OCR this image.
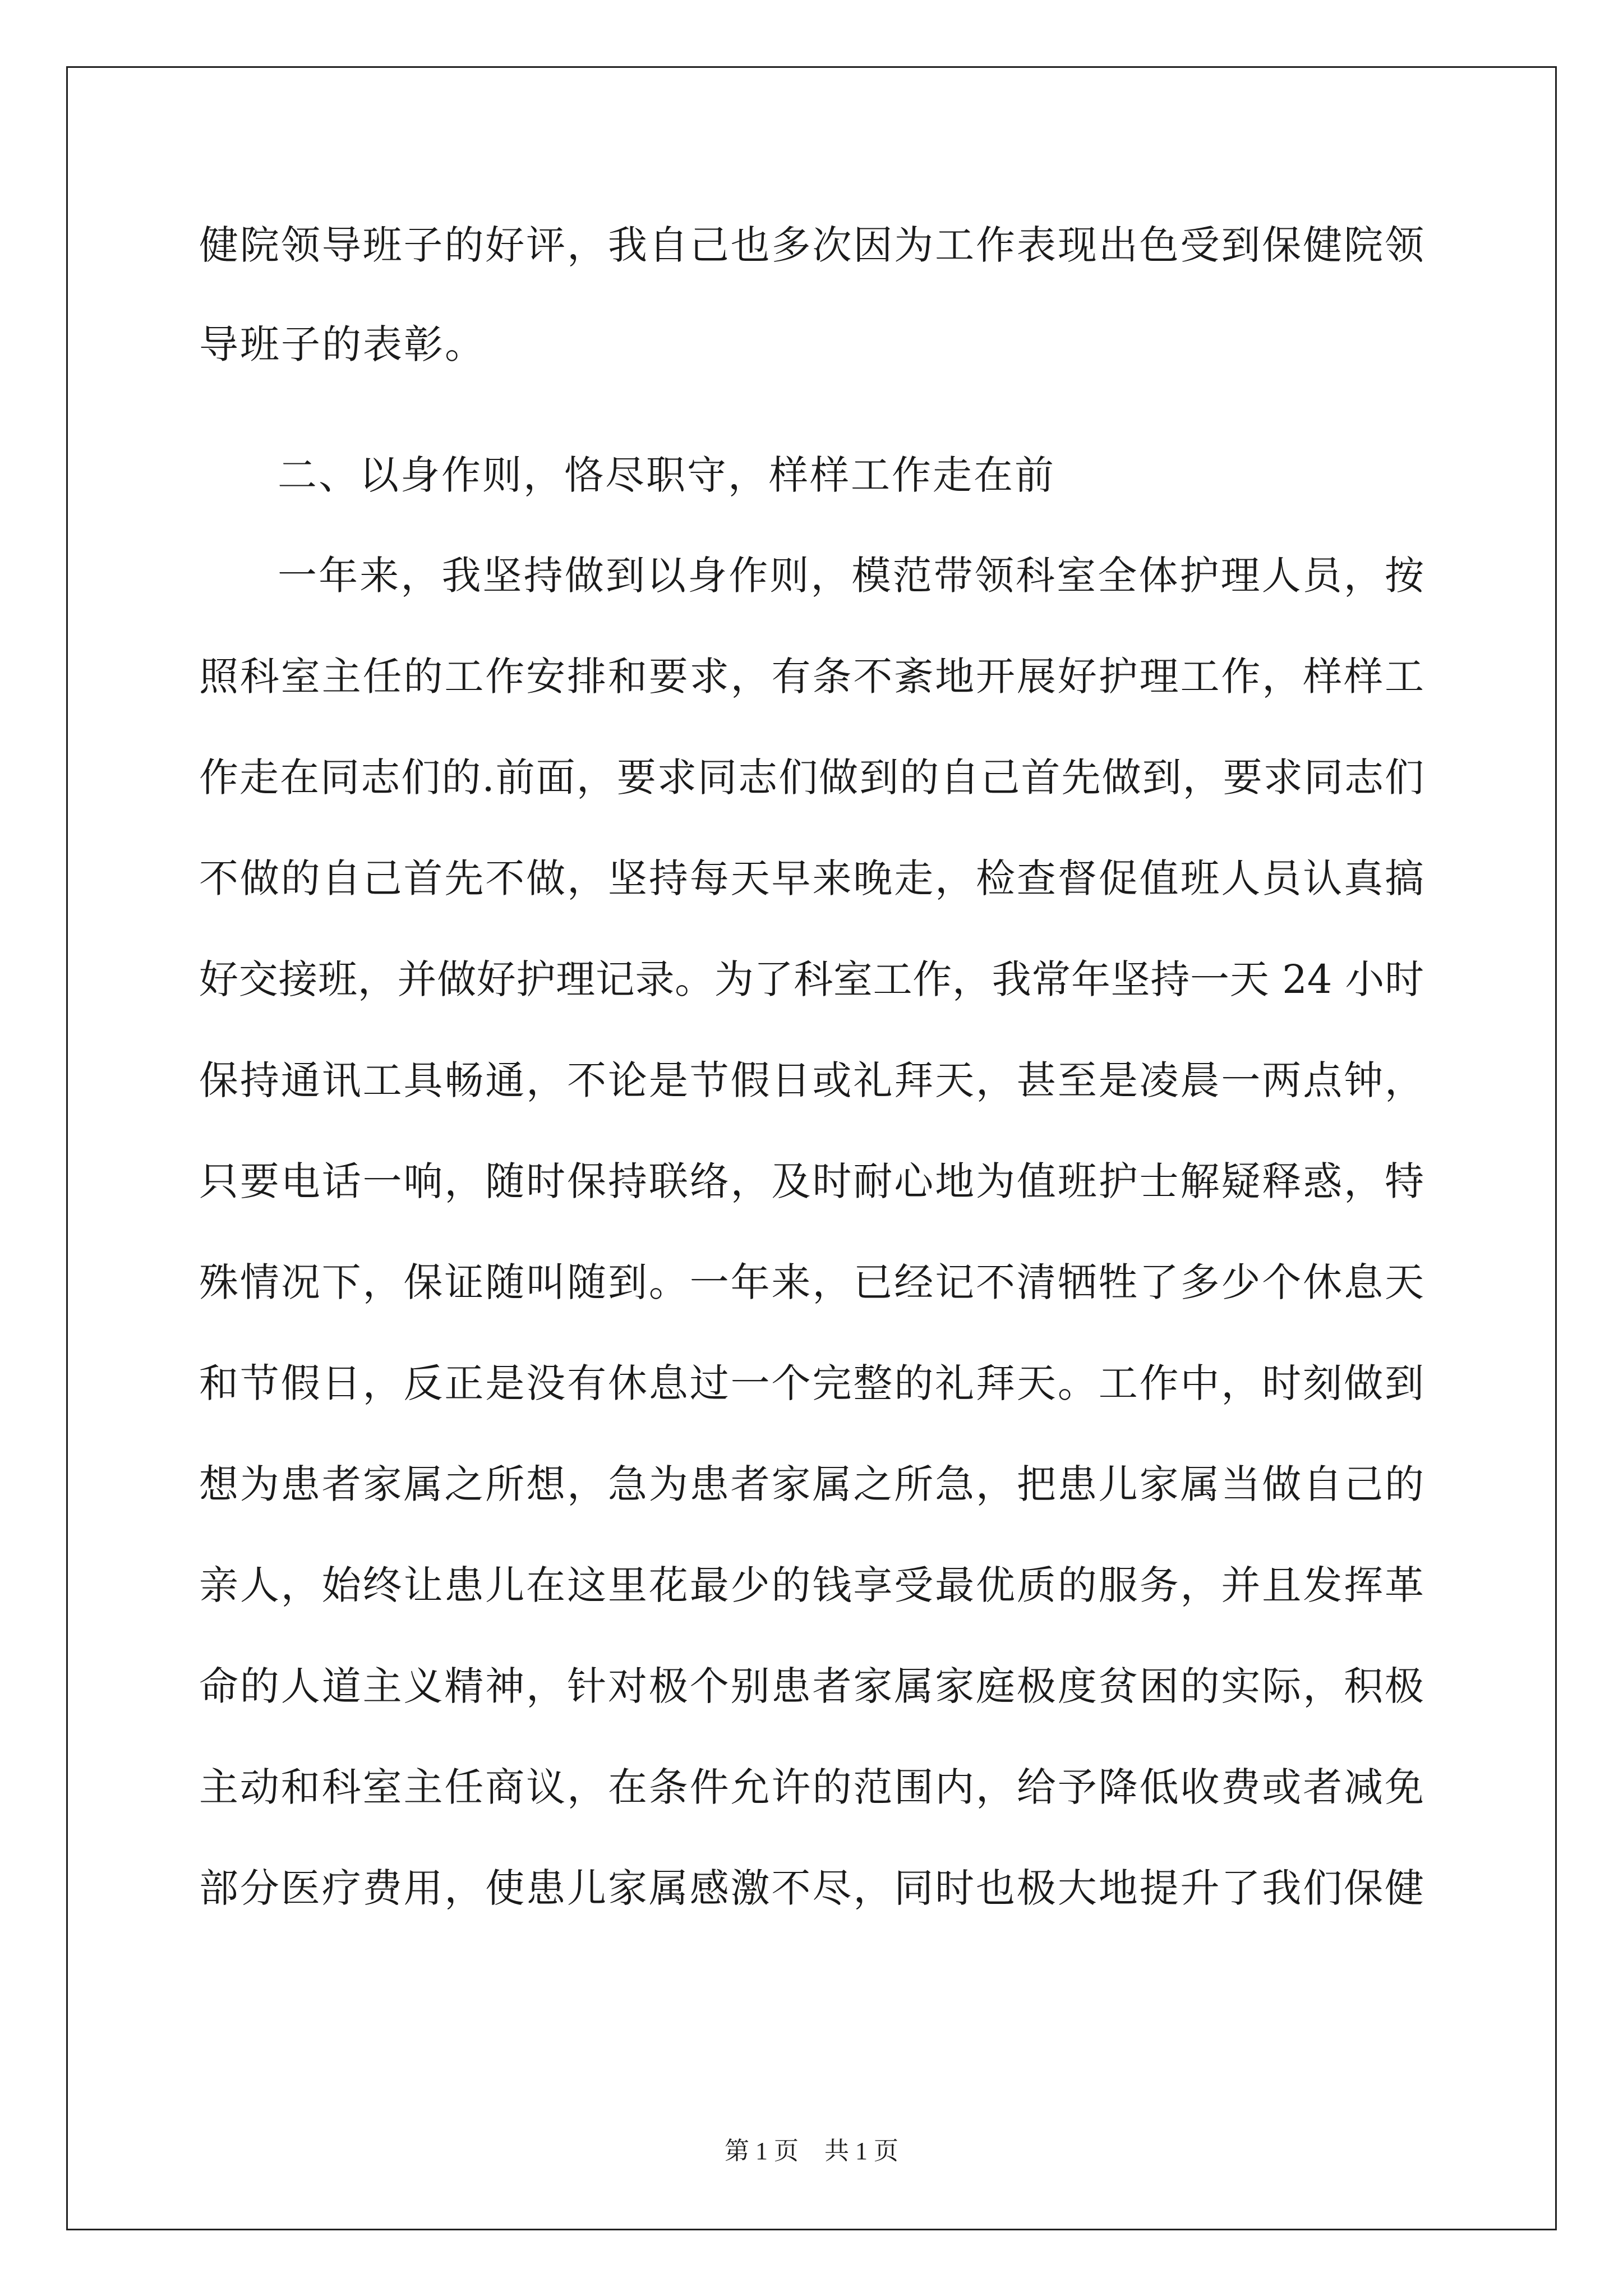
健院领导班子的好评，我自己也多次因为工作表现出色受到保健院领
导班子的表彰。
二、以身作则，恪尽职守，样样工作走在前
一年来，我坚持做到以身作则，模范带领科室全体护理人员，按
照科室主任的工作安排和要求，有条不紊地开展好护理工作，样样工
作走在同志们的.前面，要求同志们做到的自己首先做到，要求同志们
不做的自己首先不做，坚持每天早来晚走，检查督促值班人员认真搞
好交接班，并做好护理记录。为了科室工作，我常年坚持一天 24 小时
保持通讯工具畅通，不论是节假日或礼拜天，甚至是凌晨一两点钟，
只要电话一响，随时保持联络，及时耐心地为值班护士解疑释惑，特
殊情况下，保证随叫随到。一年来，已经记不清牺牲了多少个休息天
和节假日，反正是没有休息过一个完整的礼拜天。工作中，时刻做到
想为患者家属之所想，急为患者家属之所急，把患儿家属当做自己的
亲人，始终让患儿在这里花最少的钱享受最优质的服务，并且发挥革
命的人道主义精神，针对极个别患者家属家庭极度贫困的实际，积极
主动和科室主任商议，在条件允许的范围内，给予降低收费或者减免
部分医疗费用，使患儿家属感激不尽，同时也极大地提升了我们保健
第 1 页 共 1 页
